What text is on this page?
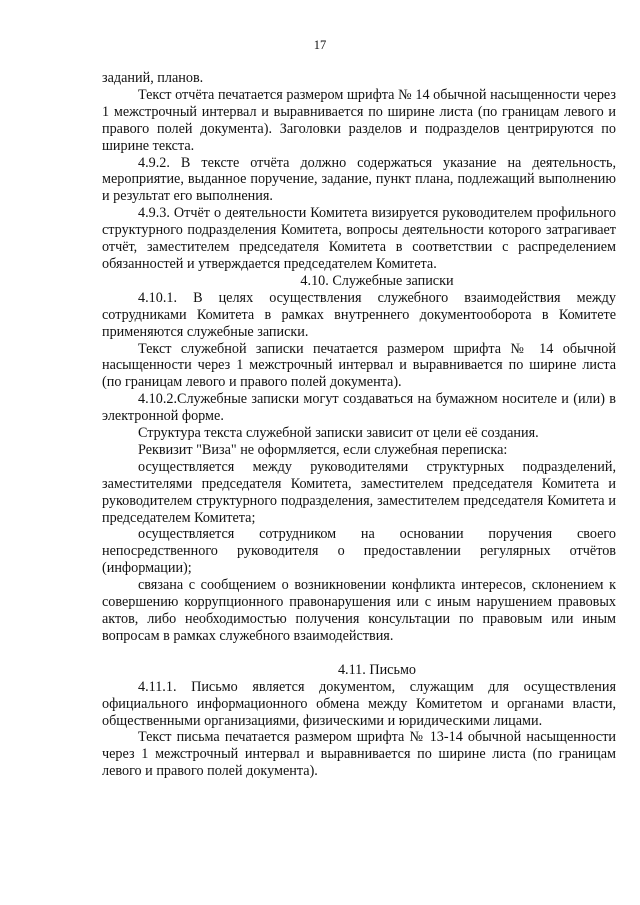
17

заданий, планов.

Текст отчёта печатается размером шрифта № 14 обычной насыщенности через 1 межстрочный интервал и выравнивается по ширине листа (по границам левого и правого полей документа). Заголовки разделов и подразделов центрируются по ширине текста.

4.9.2. В тексте отчёта должно содержаться указание на деятельность, мероприятие, выданное поручение, задание, пункт плана, подлежащий выполнению и результат его выполнения.

4.9.3. Отчёт о деятельности Комитета визируется руководителем профильного структурного подразделения Комитета, вопросы деятельности которого затрагивает отчёт, заместителем председателя Комитета в соответствии с распределением обязанностей и утверждается председателем Комитета.

4.10. Служебные записки

4.10.1. В целях осуществления служебного взаимодействия между сотрудниками Комитета в рамках внутреннего документооборота в Комитете применяются служебные записки.

Текст служебной записки печатается размером шрифта № 14 обычной насыщенности через 1 межстрочный интервал и выравнивается по ширине листа (по границам левого и правого полей документа).

4.10.2.Служебные записки могут создаваться на бумажном носителе и (или) в электронной форме.

Структура текста служебной записки зависит от цели её создания.

Реквизит "Виза" не оформляется, если служебная переписка:

осуществляется между руководителями структурных подразделений, заместителями председателя Комитета, заместителем председателя Комитета и руководителем структурного подразделения, заместителем председателя Комитета и председателем Комитета;

осуществляется сотрудником на основании поручения своего непосредственного руководителя о предоставлении регулярных отчётов (информации);

связана с сообщением о возникновении конфликта интересов, склонением к совершению коррупционного правонарушения или с иным нарушением правовых актов, либо необходимостью получения консультации по правовым или иным вопросам в рамках служебного взаимодействия.

4.11. Письмо

4.11.1. Письмо является документом, служащим для осуществления официального информационного обмена между Комитетом и органами власти, общественными организациями, физическими и юридическими лицами.

Текст письма печатается размером шрифта № 13-14 обычной насыщенности через 1 межстрочный интервал и выравнивается по ширине листа (по границам левого и правого полей документа).
